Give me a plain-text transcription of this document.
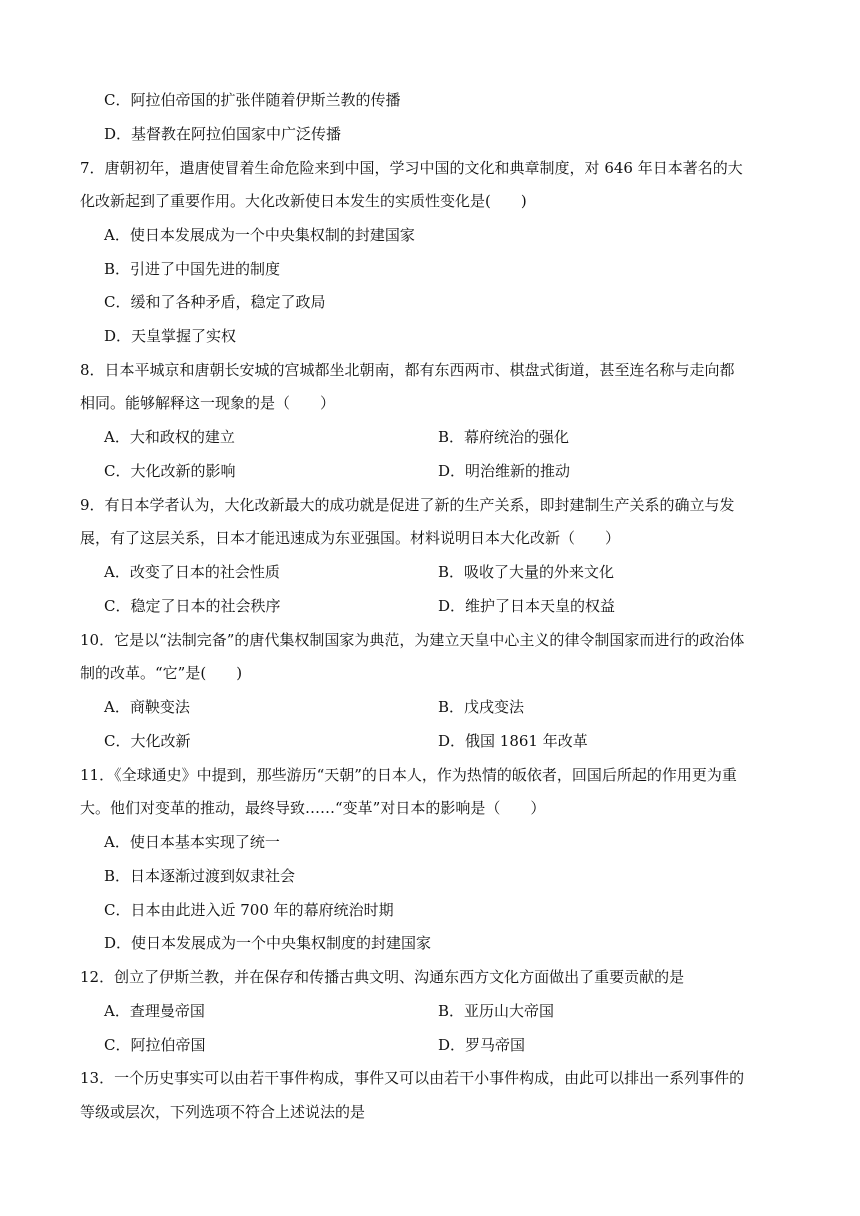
C．阿拉伯帝国的扩张伴随着伊斯兰教的传播
D．基督教在阿拉伯国家中广泛传播
7．唐朝初年，遣唐使冒着生命危险来到中国，学习中国的文化和典章制度，对 646 年日本著名的大
化改新起到了重要作用。大化改新使日本发生的实质性变化是(　　)
A．使日本发展成为一个中央集权制的封建国家
B．引进了中国先进的制度
C．缓和了各种矛盾，稳定了政局
D．天皇掌握了实权
8．日本平城京和唐朝长安城的宫城都坐北朝南，都有东西两市、棋盘式街道，甚至连名称与走向都
相同。能够解释这一现象的是（　　）
A．大和政权的建立	B．幕府统治的强化
C．大化改新的影响	D．明治维新的推动
9．有日本学者认为，大化改新最大的成功就是促进了新的生产关系，即封建制生产关系的确立与发
展，有了这层关系，日本才能迅速成为东亚强国。材料说明日本大化改新（　　）
A．改变了日本的社会性质	B．吸收了大量的外来文化
C．稳定了日本的社会秩序	D．维护了日本天皇的权益
10．它是以“法制完备”的唐代集权制国家为典范，为建立天皇中心主义的律令制国家而进行的政治体
制的改革。“它”是(　　)
A．商鞅变法	B．戊戌变法
C．大化改新	D．俄国 1861 年改革
11．《全球通史》中提到，那些游历“天朝”的日本人，作为热情的皈依者，回国后所起的作用更为重
大。他们对变革的推动，最终导致……“变革”对日本的影响是（　　）
A．使日本基本实现了统一
B．日本逐渐过渡到奴隶社会
C．日本由此进入近 700 年的幕府统治时期
D．使日本发展成为一个中央集权制度的封建国家
12．创立了伊斯兰教，并在保存和传播古典文明、沟通东西方文化方面做出了重要贡献的是
A．查理曼帝国	B．亚历山大帝国
C．阿拉伯帝国	D．罗马帝国
13．一个历史事实可以由若干事件构成，事件又可以由若干小事件构成，由此可以排出一系列事件的
等级或层次，下列选项不符合上述说法的是
